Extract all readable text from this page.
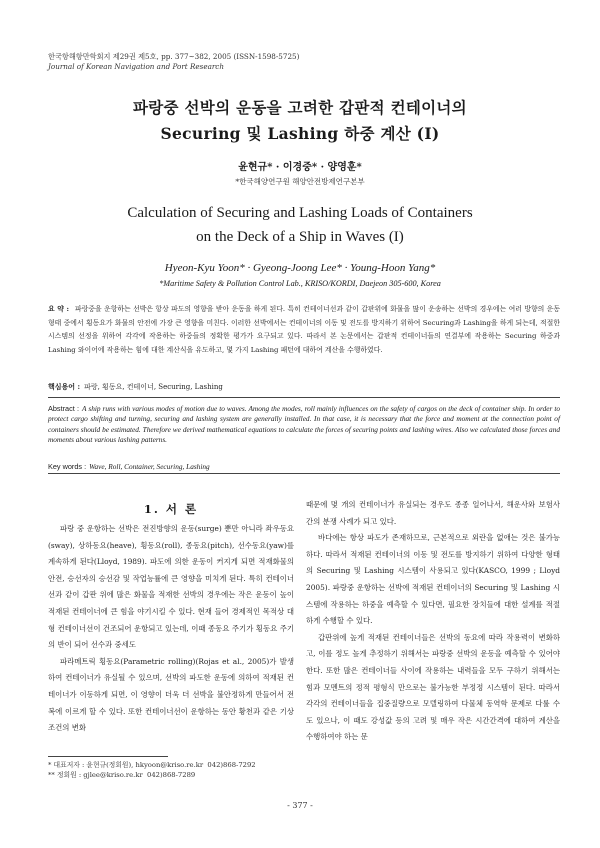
한국항해항만학회지 제29권 제5호, pp. 377~382, 2005 (ISSN-1598-5725)
Journal of Korean Navigation and Port Research
파랑중 선박의 운동을 고려한 갑판적 컨테이너의
Securing 및 Lashing 하중 계산 (I)
윤현규* · 이경중* · 양영훈*
*한국해양연구원 해양안전방제연구본부
Calculation of Securing and Lashing Loads of Containers
on the Deck of a Ship in Waves (I)
Hyeon-Kyu Yoon* · Gyeong-Joong Lee* · Young-Hoon Yang*
*Maritime Safety & Pollution Control Lab., KRISO/KORDI, Daejeon 305-600, Korea
요 약 : 파랑중을 운항하는 선박은 항상 파도의 영향을 받아 운동을 하게 된다. 특히 컨테이너선과 같이 갑판위에 화물을 많이 운송하는 선박의 경우에는 여러 방향의 운동형태 중에서 횡동요가 화물의 안전에 가장 큰 영향을 미친다. 이러한 선박에서는 컨테이너의 이동 및 전도를 방지하기 위하여 Securing과 Lashing을 하게 되는데, 적절한 시스템의 선정을 위하여 각각에 작용하는 하중들의 정확한 평가가 요구되고 있다. 따라서 본 논문에서는 갑판적 컨테이너들의 연결부에 작용하는 Securing 하중과 Lashing 와이어에 작용하는 힘에 대한 계산식을 유도하고, 몇 가지 Lashing 패턴에 대하여 계산을 수행하였다.
핵심용어 : 파랑, 횡동요, 컨테이너, Securing, Lashing
Abstract : A ship runs with various modes of motion due to waves. Among the modes, roll mainly influences on the safety of cargos on the deck of container ship. In order to protect cargo shifting and turning, securing and lashing system are generally installed. In that case, it is necessary that the force and moment at the connection point of containers should be estimated. Therefore we derived mathematical equations to calculate the forces of securing points and lashing wires. Also we calculated those forces and moments about various lashing patterns.
Key words : Wave, Roll, Container, Securing, Lashing
1. 서 론

파랑 중 운항하는 선박은 전진방향의 운동(surge) 뿐만 아니라 좌우동요(sway), 상하동요(heave), 횡동요(roll), 종동요(pitch), 선수동요(yaw)를 계속하게 된다(Lloyd, 1989). 파도에 의한 운동이 커지게 되면 적재화물의 안전, 승선자의 승선감 및 작업능률에 큰 영향을 미치게 된다. 특히 컨테이너선과 같이 갑판 위에 많은 화물을 적재한 선박의 경우에는 작은 운동이 높이 적재된 컨테이너에 큰 힘을 야기시킬 수 있다. 현재 들어 경제적인 목적상 대형 컨테이너선이 건조되어 운항되고 있는데, 이때 종동요 주기가 횡동요 주기의 반이 되어 선수과 중세도

파라메트릭 횡동요(Parametric rolling)(Rojas et al., 2005)가 발생하여 컨테이너가 유실될 수 있으며, 선박의 파도한 운동에 의하여 적재된 컨테이너가 이동하게 되면, 이 영향이 더욱 더 선박을 불안정하게 만들어서 전복에 이르게 할 수 있다. 또한 컨테이너선이 운항하는 동안 황천과 같은 기상조건의 변화

때문에 몇 개의 컨테이너가 유실되는 경우도 종종 일어나서, 해운사와 보험사 간의 분쟁 사례가 되고 있다.

바다에는 항상 파도가 존재하므로, 근본적으로 외란을 없애는 것은 불가능하다. 따라서 적재된 컨테이너의 이동 및 전도를 방지하기 위하여 다양한 형태의 Securing 및 Lashing 시스템이 사용되고 있다(KASCO, 1999 ; Lloyd 2005). 파랑중 운항하는 선박에 적재된 컨테이너의 Securing 및 Lashing 시스템에 작용하는 하중을 예측할 수 있다면, 필요한 장치들에 대한 설계를 적절하게 수행할 수 있다.

갑판위에 높게 적재된 컨테이너들은 선박의 동요에 따라 작용력이 변화하고, 이를 정도 높게 추정하기 위해서는 파랑중 선박의 운동을 예측할 수 있어야 한다. 또한 많은 컨테이너들 사이에 작용하는 내력들을 모두 구하기 위해서는 힘과 모멘트의 정적 평형식 만으로는 불가능한 부정정 시스템이 된다. 따라서 각각의 컨테이너들을 집중질량으로 모델링하여 다물체 동역학 문제로 다룰 수도 있으나, 이 때도 강성값 등의 고려 및 매우 작은 시간간격에 대하여 계산을 수행하여야 하는 문

* 대표저자 : 윤현규(정회원), hkyoon@kriso.re.kr  042)868-7292
** 정회원 : gjlee@kriso.re.kr  042)868-7289
- 377 -
